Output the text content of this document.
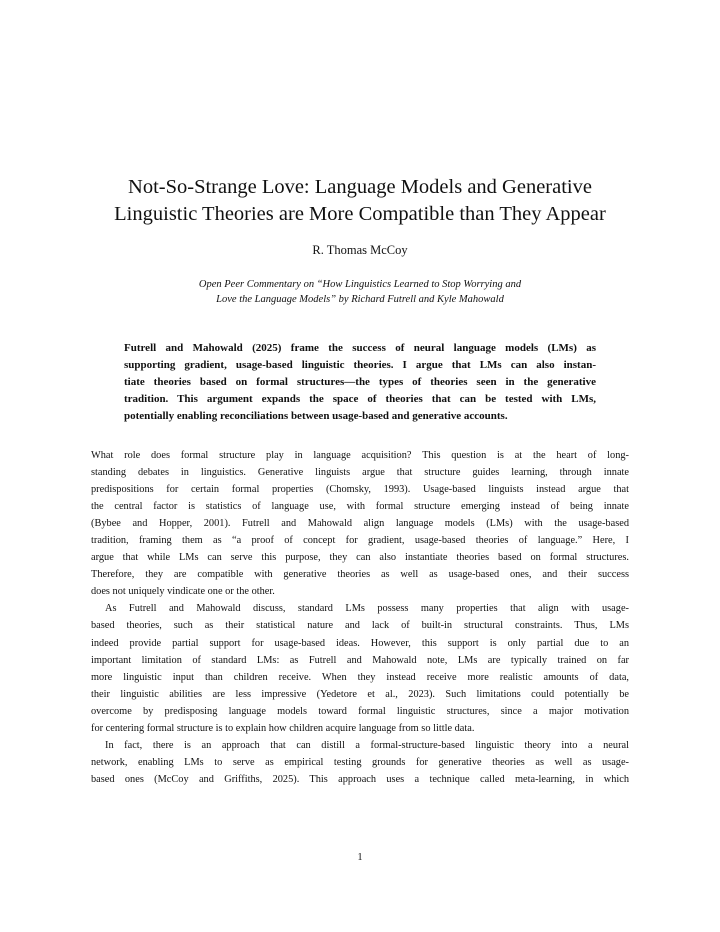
Not-So-Strange Love: Language Models and Generative
Linguistic Theories are More Compatible than They Appear
R. Thomas McCoy
Open Peer Commentary on “How Linguistics Learned to Stop Worrying and
Love the Language Models” by Richard Futrell and Kyle Mahowald
Futrell and Mahowald (2025) frame the success of neural language models (LMs) as
supporting gradient, usage-based linguistic theories. I argue that LMs can also instan-
tiate theories based on formal structures—the types of theories seen in the generative
tradition. This argument expands the space of theories that can be tested with LMs,
potentially enabling reconciliations between usage-based and generative accounts.
What role does formal structure play in language acquisition? This question is at the heart of long-
standing debates in linguistics. Generative linguists argue that structure guides learning, through innate
predispositions for certain formal properties (Chomsky, 1993). Usage-based linguists instead argue that
the central factor is statistics of language use, with formal structure emerging instead of being innate
(Bybee and Hopper, 2001). Futrell and Mahowald align language models (LMs) with the usage-based
tradition, framing them as “a proof of concept for gradient, usage-based theories of language.” Here, I
argue that while LMs can serve this purpose, they can also instantiate theories based on formal structures.
Therefore, they are compatible with generative theories as well as usage-based ones, and their success
does not uniquely vindicate one or the other.
As Futrell and Mahowald discuss, standard LMs possess many properties that align with usage-
based theories, such as their statistical nature and lack of built-in structural constraints. Thus, LMs
indeed provide partial support for usage-based ideas. However, this support is only partial due to an
important limitation of standard LMs: as Futrell and Mahowald note, LMs are typically trained on far
more linguistic input than children receive. When they instead receive more realistic amounts of data,
their linguistic abilities are less impressive (Yedetore et al., 2023). Such limitations could potentially be
overcome by predisposing language models toward formal linguistic structures, since a major motivation
for centering formal structure is to explain how children acquire language from so little data.
In fact, there is an approach that can distill a formal-structure-based linguistic theory into a neural
network, enabling LMs to serve as empirical testing grounds for generative theories as well as usage-
based ones (McCoy and Griffiths, 2025). This approach uses a technique called meta-learning, in which
1
